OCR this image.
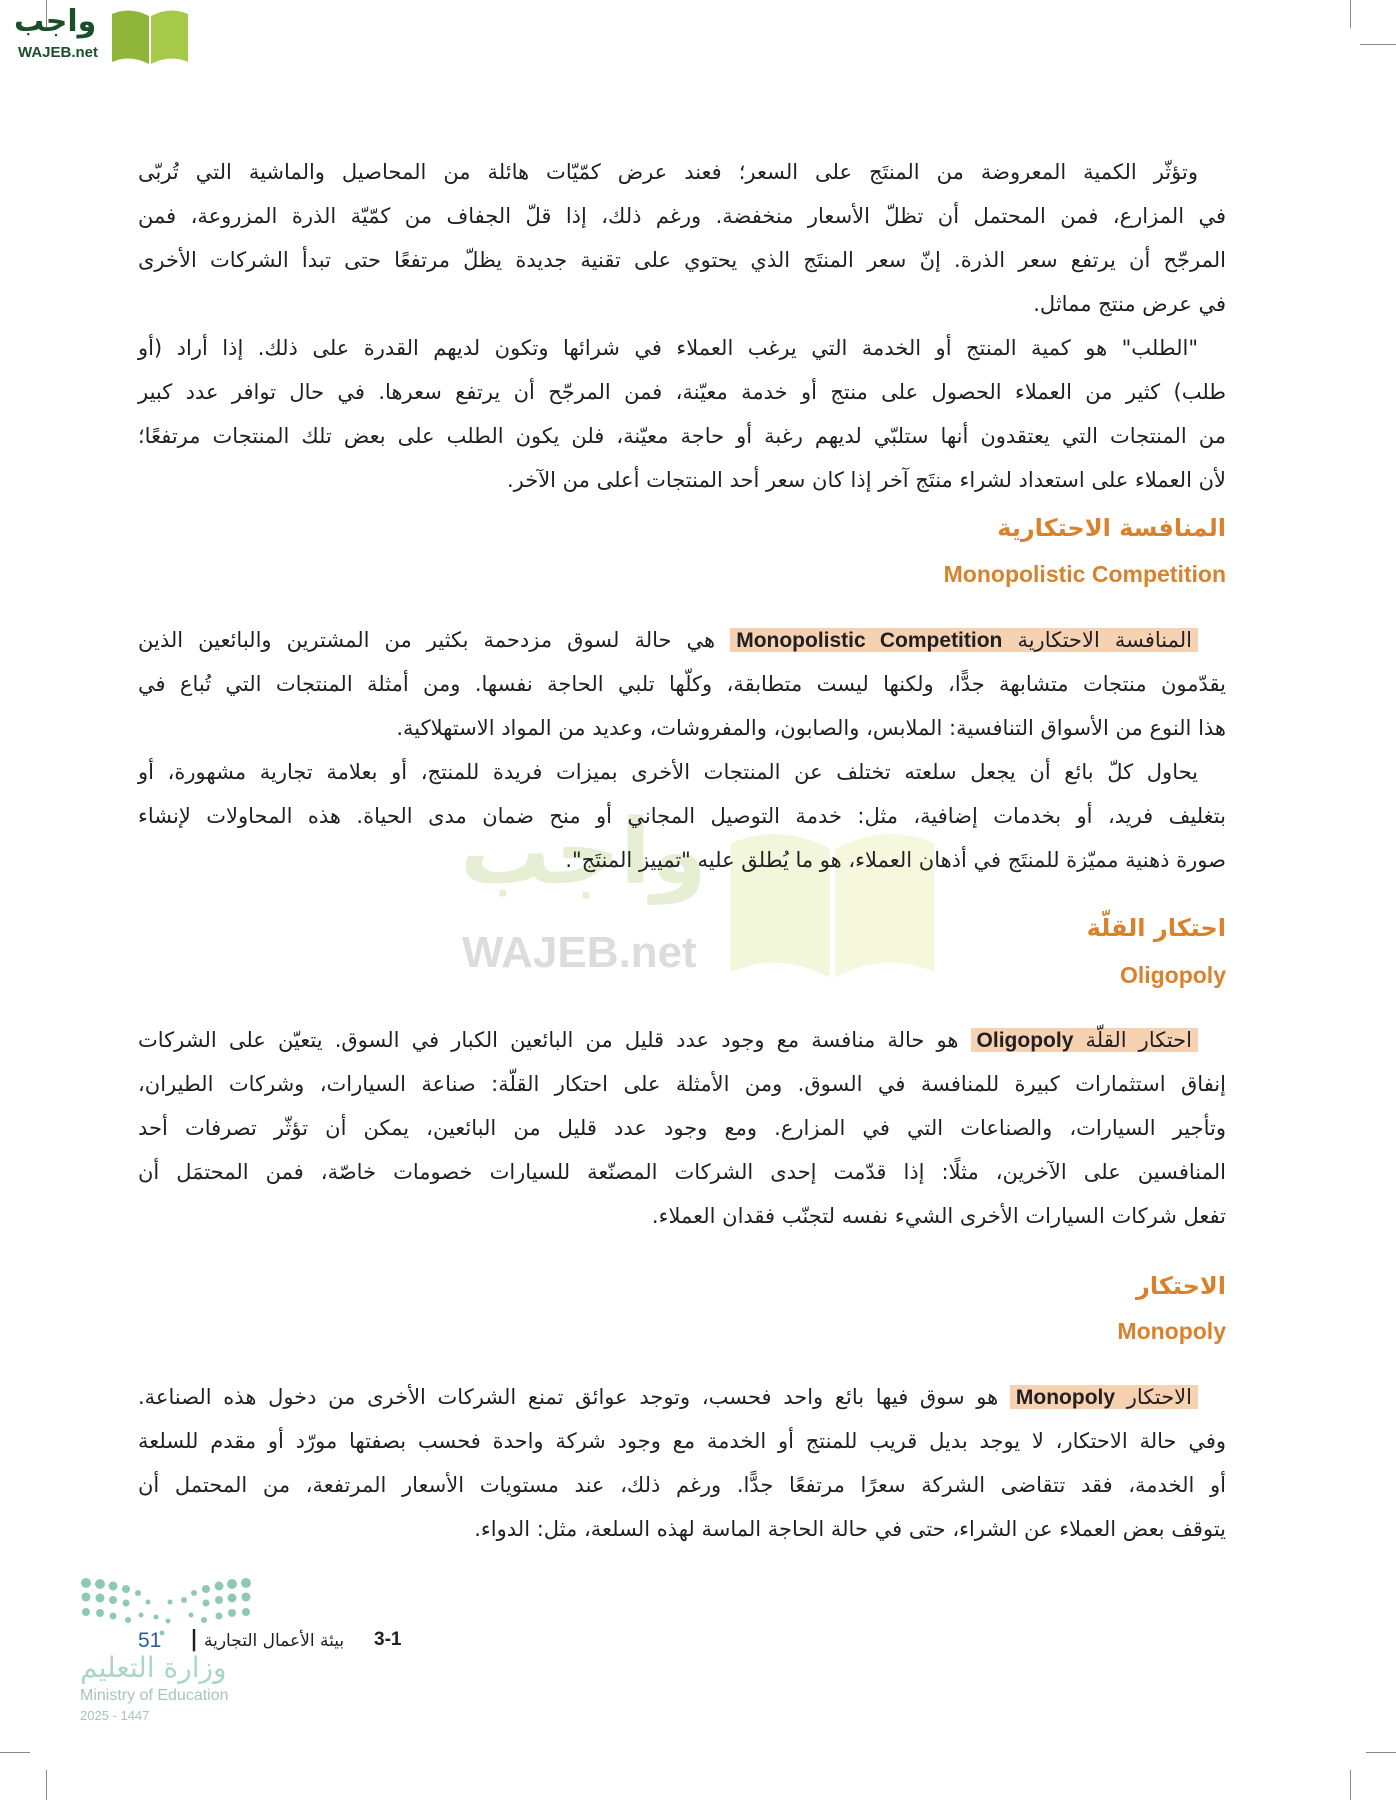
واجب
WAJEB.net
واجب
WAJEB.net
وتؤثّر الكمية المعروضة من المنتَج على السعر؛ فعند عرض كمّيّات هائلة من المحاصيل والماشية التي تُربّى
في المزارع، فمن المحتمل أن تظلّ الأسعار منخفضة. ورغم ذلك، إذا قلّ الجفاف من كمّيّة الذرة المزروعة، فمن
المرجّح أن يرتفع سعر الذرة. إنّ سعر المنتَج الذي يحتوي على تقنية جديدة يظلّ مرتفعًا حتى تبدأ الشركات الأخرى
في عرض منتج مماثل.
"الطلب" هو كمية المنتج أو الخدمة التي يرغب العملاء في شرائها وتكون لديهم القدرة على ذلك. إذا أراد (أو
طلب) كثير من العملاء الحصول على منتج أو خدمة معيّنة، فمن المرجّح أن يرتفع سعرها. في حال توافر عدد كبير
من المنتجات التي يعتقدون أنها ستلبّي لديهم رغبة أو حاجة معيّنة، فلن يكون الطلب على بعض تلك المنتجات مرتفعًا؛
لأن العملاء على استعداد لشراء منتَج آخر إذا كان سعر أحد المنتجات أعلى من الآخر.
المنافسة الاحتكارية
Monopolistic Competition
المنافسة الاحتكارية Monopolistic Competition هي حالة لسوق مزدحمة بكثير من المشترين والبائعين الذين
يقدّمون منتجات متشابهة جدًّا، ولكنها ليست متطابقة، وكلّها تلبي الحاجة نفسها. ومن أمثلة المنتجات التي تُباع في
هذا النوع من الأسواق التنافسية: الملابس، والصابون، والمفروشات، وعديد من المواد الاستهلاكية.
يحاول كلّ بائع أن يجعل سلعته تختلف عن المنتجات الأخرى بميزات فريدة للمنتج، أو بعلامة تجارية مشهورة، أو
بتغليف فريد، أو بخدمات إضافية، مثل: خدمة التوصيل المجاني أو منح ضمان مدى الحياة. هذه المحاولات لإنشاء
صورة ذهنية مميّزة للمنتَج في أذهان العملاء، هو ما يُطلق عليه "تمييز المنتَج".
احتكار القلّة
Oligopoly
احتكار القلّة Oligopoly هو حالة منافسة مع وجود عدد قليل من البائعين الكبار في السوق. يتعيّن على الشركات
إنفاق استثمارات كبيرة للمنافسة في السوق. ومن الأمثلة على احتكار القلّة: صناعة السيارات، وشركات الطيران،
وتأجير السيارات، والصناعات التي في المزارع. ومع وجود عدد قليل من البائعين، يمكن أن تؤثّر تصرفات أحد
المنافسين على الآخرين، مثلًا: إذا قدّمت إحدى الشركات المصنّعة للسيارات خصومات خاصّة، فمن المحتمَل أن
تفعل شركات السيارات الأخرى الشيء نفسه لتجنّب فقدان العملاء.
الاحتكار
Monopoly
الاحتكار Monopoly هو سوق فيها بائع واحد فحسب، وتوجد عوائق تمنع الشركات الأخرى من دخول هذه الصناعة.
وفي حالة الاحتكار، لا يوجد بديل قريب للمنتج أو الخدمة مع وجود شركة واحدة فحسب بصفتها مورّد أو مقدم للسلعة
أو الخدمة، فقد تتقاضى الشركة سعرًا مرتفعًا جدًّا. ورغم ذلك، عند مستويات الأسعار المرتفعة، من المحتمل أن
يتوقف بعض العملاء عن الشراء، حتى في حالة الحاجة الماسة لهذه السلعة، مثل: الدواء.
51 | بيئة الأعمال التجارية 3-1
وزارة التعليم
Ministry of Education
2025 - 1447
